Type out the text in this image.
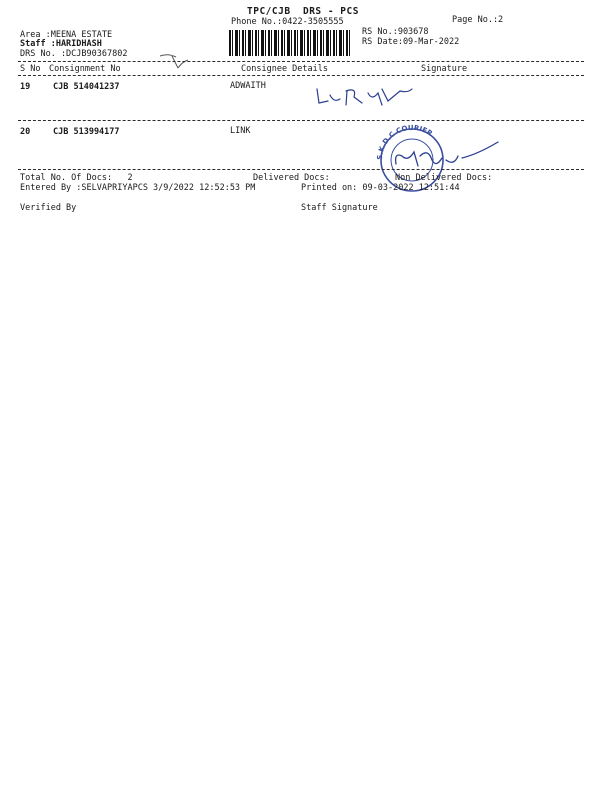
TPC/CJB  DRS - PCS
Phone No.:0422-3505555	Page No.:2
Area :MEENA ESTATE
Staff :HARIDHASH
DRS No. :DCJB90367802
RS No.:903678
RS Date:09-Mar-2022
S No Consignment No	Consignee Details	Signature
19	CJB 514041237	ADWAITH
20	CJB 513994177	LINK
S.K.D.C COURIER
Total No. Of Docs:   2	Delivered Docs:	Non Delivered Docs:
Entered By :SELVAPRIYAPCS 3/9/2022 12:52:53 PM	Printed on: 09-03-2022 12:51:44
Verified By	Staff Signature
